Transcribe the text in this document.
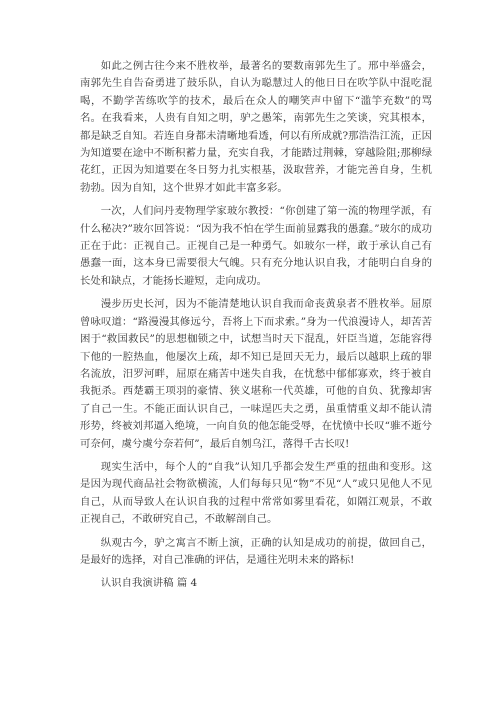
如此之例古往今来不胜枚举，最著名的要数南郭先生了。邢中举盛会，南郭先生自告奋勇进了鼓乐队，自认为聪慧过人的他日日在吹竽队中混吃混喝，不勤学苦练吹竽的技术，最后在众人的嘲笑声中留下“滥竽充数”的骂名。在我看来，人贵有自知之明，驴之愚笨，南郭先生之笑谈，究其根本，都是缺乏自知。若连自身都未清晰地看透，何以有所成就?那浩浩江流，正因为知道要在途中不断积蓄力量，充实自我，才能踏过荆棘，穿越险阻;那柳绿花红，正因为知道要在冬日努力扎实根基，汲取营养，才能完善自身，生机勃勃。因为自知，这个世界才如此丰富多彩。

一次，人们问丹麦物理学家玻尔教授：“你创建了第一流的物理学派，有什么秘决?”玻尔回答说：“因为我不怕在学生面前显露我的愚蠢。”玻尔的成功正在于此：正视自己。正视自己是一种勇气。如玻尔一样，敢于承认自己有愚蠢一面，这本身已需要很大气魄。只有充分地认识自我，才能明白自身的长处和缺点，才能扬长避短，走向成功。

漫步历史长河，因为不能清楚地认识自我而命丧黄泉者不胜枚举。屈原曾咏叹道：“路漫漫其修远兮，吾将上下而求索。”身为一代浪漫诗人，却苦苦困于“救国救民”的思想枷锁之中，试想当时天下混乱，奸臣当道，怎能容得下他的一腔热血，他屡次上疏，却不知已是回天无力，最后以越职上疏的罪名流放，汨罗河畔，屈原在痛苦中迷失自我，在忧愁中郁郁寡欢，终于被自我扼杀。西楚霸王项羽的豪情、狭义堪称一代英雄，可他的自负、犹豫却害了自己一生。不能正面认识自己，一味逞匹夫之勇，虽重情重义却不能认清形势，终被刘邦逼入绝境，一向自负的他怎能受辱，在忧愤中长叹“骓不逝兮可奈何，虞兮虞兮奈若何”，最后自刎乌江，落得千古长叹!

现实生活中，每个人的“自我”认知几乎都会发生严重的扭曲和变形。这是因为现代商品社会物欲横流，人们每每只见“物”不见“人”或只见他人不见自己，从而导致人在认识自我的过程中常常如雾里看花，如隔江观景，不敢正视自己，不敢研究自己，不敢解剖自己。

纵观古今，驴之寓言不断上演，正确的认知是成功的前提，做回自己，是最好的选择，对自己准确的评估，是通往光明未来的路标!

认识自我演讲稿 篇 4
